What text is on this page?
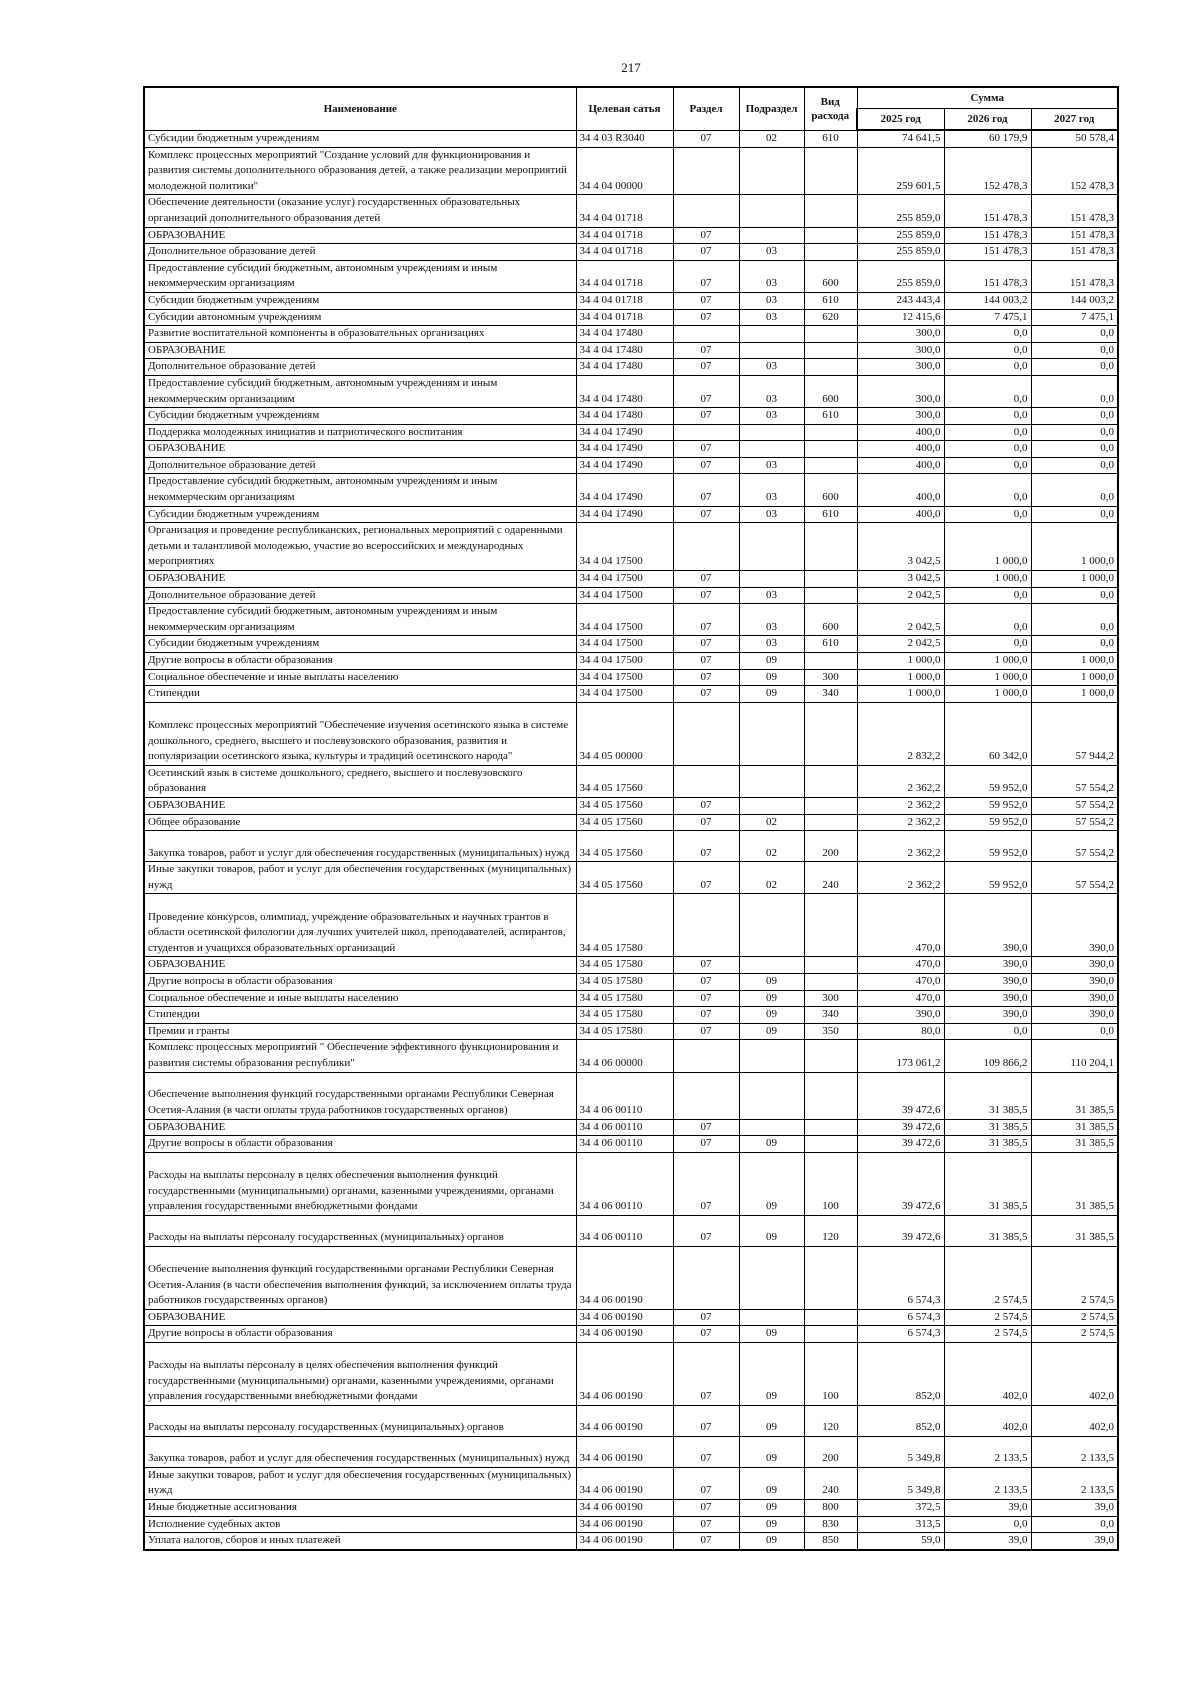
217
Наименование	Целевая сатья	Раздел	Подраздел	Вид расхода	Сумма		
					2025 год	2026 год	2027 год
Субсидии бюджетным учреждениям	34 4 03 R3040	07	02	610	74 641,5	60 179,9	50 578,4
Комплекс процессных мероприятий "Создание условий для функционирования и развития системы дополнительного образования детей, а также реализации мероприятий молодежной политики"	34 4 04 00000				259 601,5	152 478,3	152 478,3
Обеспечение деятельности (оказание услуг) государственных образовательных организаций дополнительного образования детей	34 4 04 01718				255 859,0	151 478,3	151 478,3
ОБРАЗОВАНИЕ	34 4 04 01718	07			255 859,0	151 478,3	151 478,3
Дополнительное образование детей	34 4 04 01718	07	03		255 859,0	151 478,3	151 478,3
Предоставление субсидий бюджетным, автономным учреждениям и иным некоммерческим организациям	34 4 04 01718	07	03	600	255 859,0	151 478,3	151 478,3
Субсидии бюджетным учреждениям	34 4 04 01718	07	03	610	243 443,4	144 003,2	144 003,2
Субсидии автономным учреждениям	34 4 04 01718	07	03	620	12 415,6	7 475,1	7 475,1
Развитие воспитательной компоненты в образовательных организациях	34 4 04 17480				300,0	0,0	0,0
ОБРАЗОВАНИЕ	34 4 04 17480	07			300,0	0,0	0,0
Дополнительное образование детей	34 4 04 17480	07	03		300,0	0,0	0,0
Предоставление субсидий бюджетным, автономным учреждениям и иным некоммерческим организациям	34 4 04 17480	07	03	600	300,0	0,0	0,0
Субсидии бюджетным учреждениям	34 4 04 17480	07	03	610	300,0	0,0	0,0
Поддержка молодежных инициатив и патриотического воспитания	34 4 04 17490				400,0	0,0	0,0
ОБРАЗОВАНИЕ	34 4 04 17490	07			400,0	0,0	0,0
Дополнительное образование детей	34 4 04 17490	07	03		400,0	0,0	0,0
Предоставление субсидий бюджетным, автономным учреждениям и иным некоммерческим организациям	34 4 04 17490	07	03	600	400,0	0,0	0,0
Субсидии бюджетным учреждениям	34 4 04 17490	07	03	610	400,0	0,0	0,0
Организация и проведение республиканских, региональных мероприятий с одаренными детьми и талантливой молодежью, участие во всероссийских и международных мероприятиях	34 4 04 17500				3 042,5	1 000,0	1 000,0
ОБРАЗОВАНИЕ	34 4 04 17500	07			3 042,5	1 000,0	1 000,0
Дополнительное образование детей	34 4 04 17500	07	03		2 042,5	0,0	0,0
Предоставление субсидий бюджетным, автономным учреждениям и иным некоммерческим организациям	34 4 04 17500	07	03	600	2 042,5	0,0	0,0
Субсидии бюджетным учреждениям	34 4 04 17500	07	03	610	2 042,5	0,0	0,0
Другие вопросы в области образования	34 4 04 17500	07	09		1 000,0	1 000,0	1 000,0
Социальное обеспечение и иные выплаты населению	34 4 04 17500	07	09	300	1 000,0	1 000,0	1 000,0
Стипендии	34 4 04 17500	07	09	340	1 000,0	1 000,0	1 000,0
Комплекс процессных мероприятий "Обеспечение изучения осетинского языка в системе дошкольного, среднего, высшего и послевузовского образования, развития и популяризации осетинского языка, культуры и традиций осетинского народа"	34 4 05 00000				2 832,2	60 342,0	57 944,2
Осетинский язык в системе дошкольного, среднего, высшего и послевузовского образования	34 4 05 17560				2 362,2	59 952,0	57 554,2
ОБРАЗОВАНИЕ	34 4 05 17560	07			2 362,2	59 952,0	57 554,2
Общее образование	34 4 05 17560	07	02		2 362,2	59 952,0	57 554,2
Закупка товаров, работ и услуг для обеспечения государственных (муниципальных) нужд	34 4 05 17560	07	02	200	2 362,2	59 952,0	57 554,2
Иные закупки товаров, работ и услуг для обеспечения государственных (муниципальных) нужд	34 4 05 17560	07	02	240	2 362,2	59 952,0	57 554,2
Проведение конкурсов, олимпиад, учреждение образовательных и научных грантов в области осетинской филологии для лучших учителей школ, преподавателей, аспирантов, студентов и учащихся образовательных организаций	34 4 05 17580				470,0	390,0	390,0
ОБРАЗОВАНИЕ	34 4 05 17580	07			470,0	390,0	390,0
Другие вопросы в области образования	34 4 05 17580	07	09		470,0	390,0	390,0
Социальное обеспечение и иные выплаты населению	34 4 05 17580	07	09	300	470,0	390,0	390,0
Стипендии	34 4 05 17580	07	09	340	390,0	390,0	390,0
Премии и гранты	34 4 05 17580	07	09	350	80,0	0,0	0,0
Комплекс процессных мероприятий " Обеспечение эффективного функционирования и развития системы образования республики"	34 4 06 00000				173 061,2	109 866,2	110 204,1
Обеспечение выполнения функций государственными органами Республики Северная Осетия-Алания (в части оплаты труда работников государственных органов)	34 4 06 00110				39 472,6	31 385,5	31 385,5
ОБРАЗОВАНИЕ	34 4 06 00110	07			39 472,6	31 385,5	31 385,5
Другие вопросы в области образования	34 4 06 00110	07	09		39 472,6	31 385,5	31 385,5
Расходы на выплаты персоналу в целях обеспечения выполнения функций государственными (муниципальными) органами, казенными учреждениями, органами управления государственными внебюджетными фондами	34 4 06 00110	07	09	100	39 472,6	31 385,5	31 385,5
Расходы на выплаты персоналу государственных (муниципальных) органов	34 4 06 00110	07	09	120	39 472,6	31 385,5	31 385,5
Обеспечение выполнения функций государственными органами Республики Северная Осетия-Алания (в части обеспечения выполнения функций, за исключением оплаты труда работников государственных органов)	34 4 06 00190				6 574,3	2 574,5	2 574,5
ОБРАЗОВАНИЕ	34 4 06 00190	07			6 574,3	2 574,5	2 574,5
Другие вопросы в области образования	34 4 06 00190	07	09		6 574,3	2 574,5	2 574,5
Расходы на выплаты персоналу в целях обеспечения выполнения функций государственными (муниципальными) органами, казенными учреждениями, органами управления государственными внебюджетными фондами	34 4 06 00190	07	09	100	852,0	402,0	402,0
Расходы на выплаты персоналу государственных (муниципальных) органов	34 4 06 00190	07	09	120	852,0	402,0	402,0
Закупка товаров, работ и услуг для обеспечения государственных (муниципальных) нужд	34 4 06 00190	07	09	200	5 349,8	2 133,5	2 133,5
Иные закупки товаров, работ и услуг для обеспечения государственных (муниципальных) нужд	34 4 06 00190	07	09	240	5 349,8	2 133,5	2 133,5
Иные бюджетные ассигнования	34 4 06 00190	07	09	800	372,5	39,0	39,0
Исполнение судебных актов	34 4 06 00190	07	09	830	313,5	0,0	0,0
Уплата налогов, сборов и иных платежей	34 4 06 00190	07	09	850	59,0	39,0	39,0
